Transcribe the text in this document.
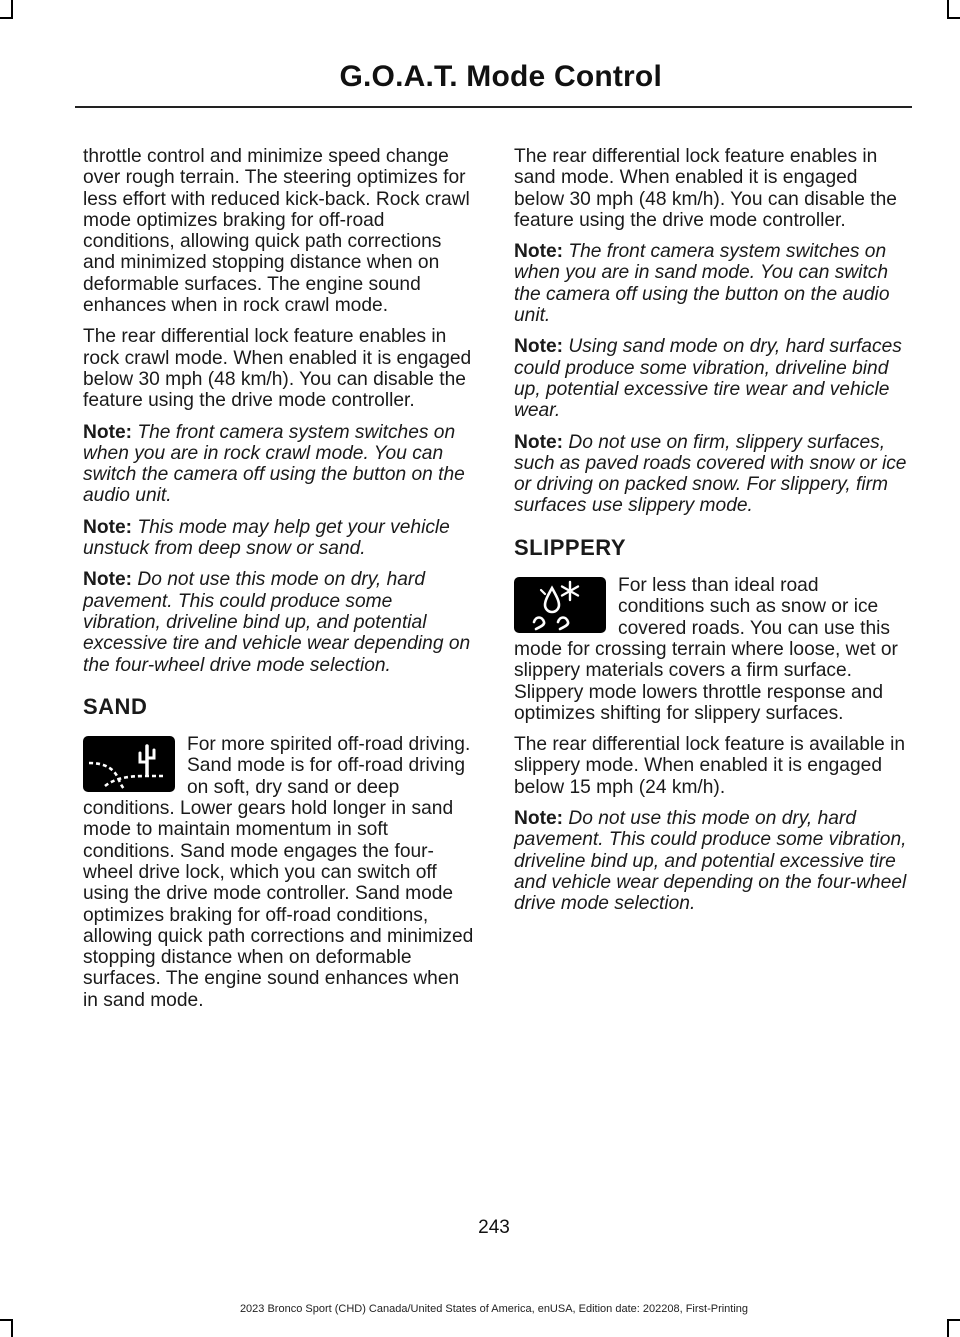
G.O.A.T. Mode Control

throttle control and minimize speed change over rough terrain. The steering optimizes for less effort with reduced kick-back. Rock crawl mode optimizes braking for off-road conditions, allowing quick path corrections and minimized stopping distance when on deformable surfaces. The engine sound enhances when in rock crawl mode.

The rear differential lock feature enables in rock crawl mode. When enabled it is engaged below 30 mph (48 km/h). You can disable the feature using the drive mode controller.

Note: The front camera system switches on when you are in rock crawl mode. You can switch the camera off using the button on the audio unit.

Note: This mode may help get your vehicle unstuck from deep snow or sand.

Note: Do not use this mode on dry, hard pavement. This could produce some vibration, driveline bind up, and potential excessive tire and vehicle wear depending on the four-wheel drive mode selection.

SAND

For more spirited off-road driving. Sand mode is for off-road driving on soft, dry sand or deep conditions. Lower gears hold longer in sand mode to maintain momentum in soft conditions. Sand mode engages the four-wheel drive lock, which you can switch off using the drive mode controller. Sand mode optimizes braking for off-road conditions, allowing quick path corrections and minimized stopping distance when on deformable surfaces. The engine sound enhances when in sand mode.

The rear differential lock feature enables in sand mode. When enabled it is engaged below 30 mph (48 km/h). You can disable the feature using the drive mode controller.

Note: The front camera system switches on when you are in sand mode. You can switch the camera off using the button on the audio unit.

Note: Using sand mode on dry, hard surfaces could produce some vibration, driveline bind up, potential excessive tire wear and vehicle wear.

Note: Do not use on firm, slippery surfaces, such as paved roads covered with snow or ice or driving on packed snow. For slippery, firm surfaces use slippery mode.

SLIPPERY

For less than ideal road conditions such as snow or ice covered roads. You can use this mode for crossing terrain where loose, wet or slippery materials covers a firm surface. Slippery mode lowers throttle response and optimizes shifting for slippery surfaces.

The rear differential lock feature is available in slippery mode. When enabled it is engaged below 15 mph (24 km/h).

Note: Do not use this mode on dry, hard pavement. This could produce some vibration, driveline bind up, and potential excessive tire and vehicle wear depending on the four-wheel drive mode selection.

243
2023 Bronco Sport (CHD) Canada/United States of America, enUSA, Edition date: 202208, First-Printing
